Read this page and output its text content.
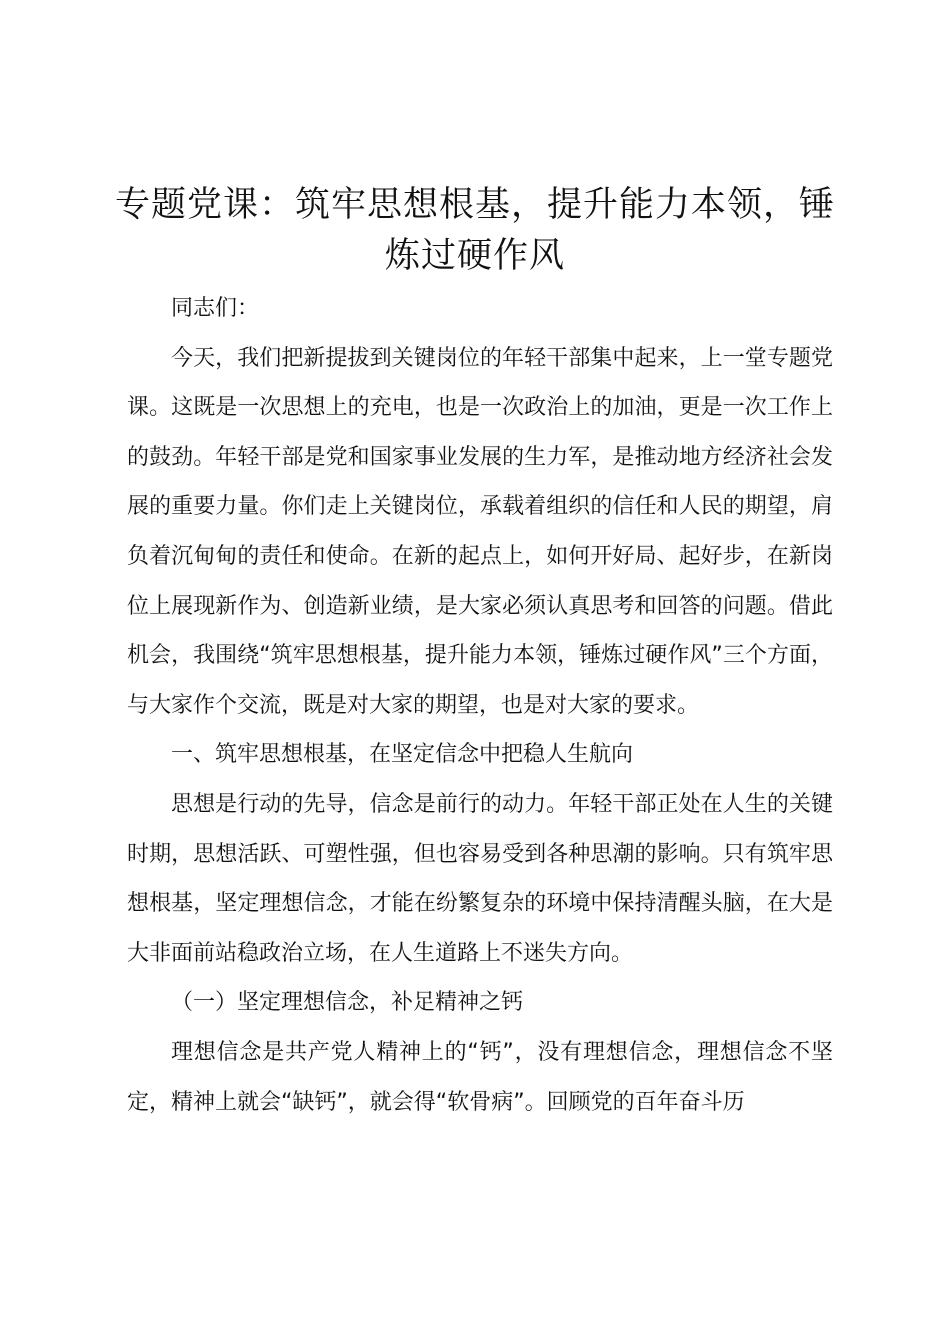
专题党课：筑牢思想根基，提升能力本领，锤炼过硬作风

同志们：

今天，我们把新提拔到关键岗位的年轻干部集中起来，上一堂专题党课。这既是一次思想上的充电，也是一次政治上的加油，更是一次工作上的鼓劲。年轻干部是党和国家事业发展的生力军，是推动地方经济社会发展的重要力量。你们走上关键岗位，承载着组织的信任和人民的期望，肩负着沉甸甸的责任和使命。在新的起点上，如何开好局、起好步，在新岗位上展现新作为、创造新业绩，是大家必须认真思考和回答的问题。借此机会，我围绕“筑牢思想根基，提升能力本领，锤炼过硬作风”三个方面，与大家作个交流，既是对大家的期望，也是对大家的要求。

一、筑牢思想根基，在坚定信念中把稳人生航向

思想是行动的先导，信念是前行的动力。年轻干部正处在人生的关键时期，思想活跃、可塑性强，但也容易受到各种思潮的影响。只有筑牢思想根基，坚定理想信念，才能在纷繁复杂的环境中保持清醒头脑，在大是大非面前站稳政治立场，在人生道路上不迷失方向。

（一）坚定理想信念，补足精神之钙

理想信念是共产党人精神上的“钙”，没有理想信念，理想信念不坚定，精神上就会“缺钙”，就会得“软骨病”。回顾党的百年奋斗历
